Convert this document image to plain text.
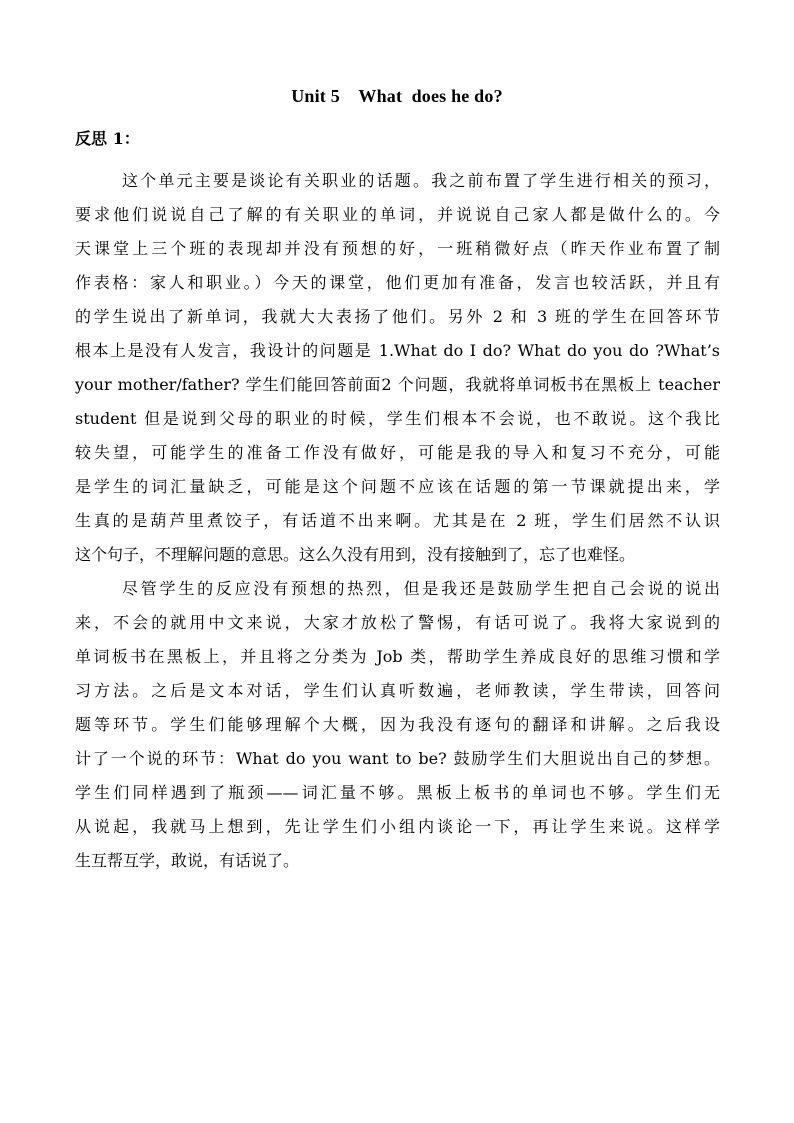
Unit 5    What  does he do?
反思 1：
这个单元主要是谈论有关职业的话题。我之前布置了学生进行相关的预习，
要求他们说说自己了解的有关职业的单词，并说说自己家人都是做什么的。今
天课堂上三个班的表现却并没有预想的好，一班稍微好点（昨天作业布置了制
作表格：家人和职业。）今天的课堂，他们更加有准备，发言也较活跃，并且有
的学生说出了新单词，我就大大表扬了他们。另外 2 和 3 班的学生在回答环节
根本上是没有人发言，我设计的问题是 1.What do I do? What do you do ?What’s
your mother/father? 学生们能回答前面2 个问题，我就将单词板书在黑板上 teacher
student 但是说到父母的职业的时候，学生们根本不会说，也不敢说。这个我比
较失望，可能学生的准备工作没有做好，可能是我的导入和复习不充分，可能
是学生的词汇量缺乏，可能是这个问题不应该在话题的第一节课就提出来，学
生真的是葫芦里煮饺子，有话道不出来啊。尤其是在 2 班，学生们居然不认识
这个句子，不理解问题的意思。这么久没有用到，没有接触到了，忘了也难怪。
尽管学生的反应没有预想的热烈，但是我还是鼓励学生把自己会说的说出
来，不会的就用中文来说，大家才放松了警惕，有话可说了。我将大家说到的
单词板书在黑板上，并且将之分类为 Job 类，帮助学生养成良好的思维习惯和学
习方法。之后是文本对话，学生们认真听数遍，老师教读，学生带读，回答问
题等环节。学生们能够理解个大概，因为我没有逐句的翻译和讲解。之后我设
计了一个说的环节：What do you want to be? 鼓励学生们大胆说出自己的梦想。
学生们同样遇到了瓶颈——词汇量不够。黑板上板书的单词也不够。学生们无
从说起，我就马上想到，先让学生们小组内谈论一下，再让学生来说。这样学
生互帮互学，敢说，有话说了。
